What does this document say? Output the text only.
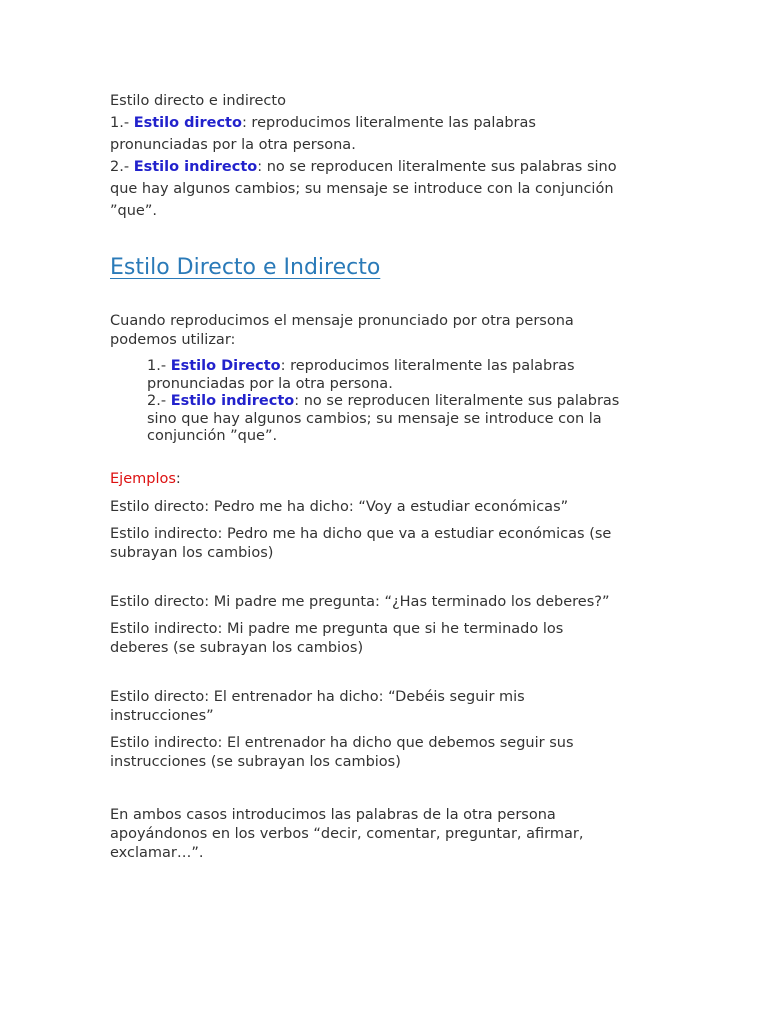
Estilo directo e indirecto
1.- Estilo directo: reproducimos literalmente las palabras
pronunciadas por la otra persona.
2.- Estilo indirecto: no se reproducen literalmente sus palabras sino
que hay algunos cambios; su mensaje se introduce con la conjunción
”que”.
Estilo Directo e Indirecto
Cuando reproducimos el mensaje pronunciado por otra persona
podemos utilizar:
1.- Estilo Directo: reproducimos literalmente las palabras
pronunciadas por la otra persona.
2.- Estilo indirecto: no se reproducen literalmente sus palabras
sino que hay algunos cambios; su mensaje se introduce con la
conjunción ”que”.
Ejemplos:
Estilo directo: Pedro me ha dicho: “Voy a estudiar económicas”
Estilo indirecto: Pedro me ha dicho que va a estudiar económicas (se
subrayan los cambios)
Estilo directo: Mi padre me pregunta: “¿Has terminado los deberes?”
Estilo indirecto: Mi padre me pregunta que si he terminado los
deberes (se subrayan los cambios)
Estilo directo: El entrenador ha dicho: “Debéis seguir mis
instrucciones”
Estilo indirecto: El entrenador ha dicho que debemos seguir sus
instrucciones (se subrayan los cambios)
En ambos casos introducimos las palabras de la otra persona
apoyándonos en los verbos “decir, comentar, preguntar, afirmar,
exclamar…”.
